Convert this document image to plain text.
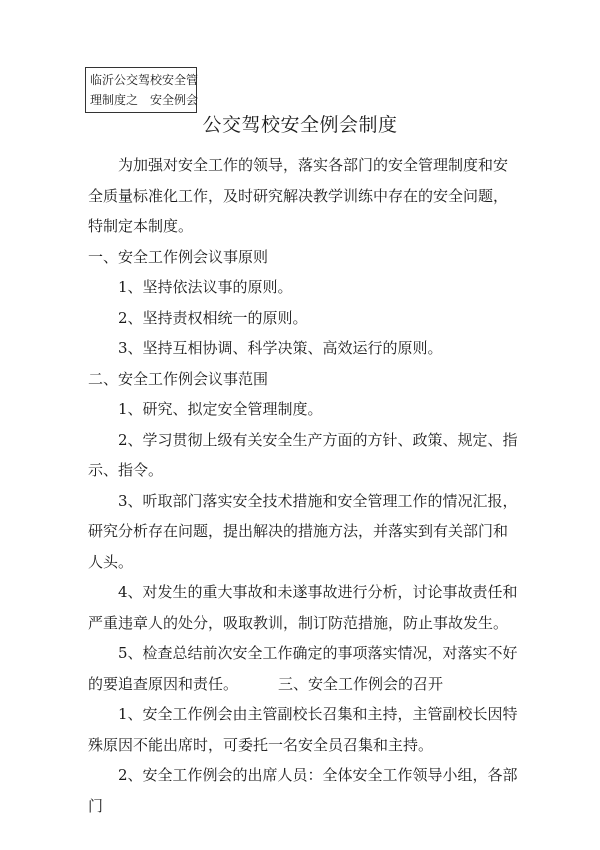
临沂公交驾校安全管
理制度之　安全例会
公交驾校安全例会制度

为加强对安全工作的领导，落实各部门的安全管理制度和安全质量标准化工作，及时研究解决教学训练中存在的安全问题，特制定本制度。

一、安全工作例会议事原则

1、坚持依法议事的原则。

2、坚持责权相统一的原则。

3、坚持互相协调、科学决策、高效运行的原则。

二、安全工作例会议事范围

1、研究、拟定安全管理制度。

2、学习贯彻上级有关安全生产方面的方针、政策、规定、指示、指令。

3、听取部门落实安全技术措施和安全管理工作的情况汇报，研究分析存在问题，提出解决的措施方法，并落实到有关部门和人头。

4、对发生的重大事故和未遂事故进行分析，讨论事故责任和严重违章人的处分，吸取教训，制订防范措施，防止事故发生。

5、检查总结前次安全工作确定的事项落实情况，对落实不好的要追查原因和责任。	三、安全工作例会的召开

1、安全工作例会由主管副校长召集和主持，主管副校长因特殊原因不能出席时，可委托一名安全员召集和主持。

2、安全工作例会的出席人员：全体安全工作领导小组，各部门
